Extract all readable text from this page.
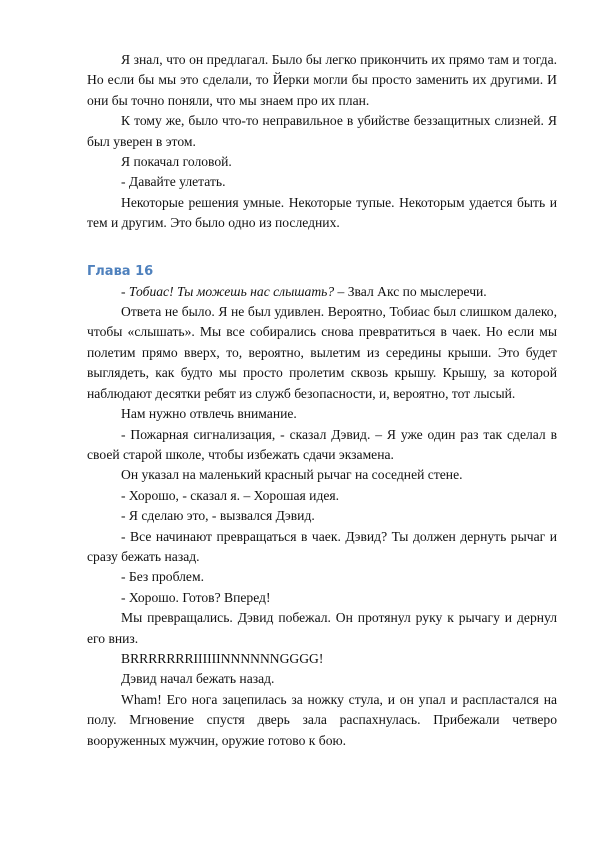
Я знал, что он предлагал. Было бы легко прикончить их прямо там и тогда. Но если бы мы это сделали, то Йерки могли бы просто заменить их другими. И они бы точно поняли, что мы знаем про их план.

К тому же, было что-то неправильное в убийстве беззащитных слизней. Я был уверен в этом.

Я покачал головой.

- Давайте улетать.

Некоторые решения умные. Некоторые тупые. Некоторым удается быть и тем и другим. Это было одно из последних.

Глава 16

- Тобиас! Ты можешь нас слышать? – Звал Акс по мыслеречи.

Ответа не было. Я не был удивлен. Вероятно, Тобиас был слишком далеко, чтобы «слышать». Мы все собирались снова превратиться в чаек. Но если мы полетим прямо вверх, то, вероятно, вылетим из середины крыши. Это будет выглядеть, как будто мы просто пролетим сквозь крышу. Крышу, за которой наблюдают десятки ребят из служб безопасности, и, вероятно, тот лысый.

Нам нужно отвлечь внимание.

- Пожарная сигнализация, - сказал Дэвид. – Я уже один раз так сделал в своей старой школе, чтобы избежать сдачи экзамена.

Он указал на маленький красный рычаг на соседней стене.

- Хорошо, - сказал я. – Хорошая идея.

- Я сделаю это, - вызвался Дэвид.

- Все начинают превращаться в чаек. Дэвид? Ты должен дернуть рычаг и сразу бежать назад.

- Без проблем.

- Хорошо. Готов? Вперед!

Мы превращались. Дэвид побежал. Он протянул руку к рычагу и дернул его вниз.

BRRRRRRRIIIIIINNNNNNGGGG!

Дэвид начал бежать назад.

Wham! Его нога зацепилась за ножку стула, и он упал и распластался на полу. Мгновение спустя дверь зала распахнулась. Прибежали четверо вооруженных мужчин, оружие готово к бою.
